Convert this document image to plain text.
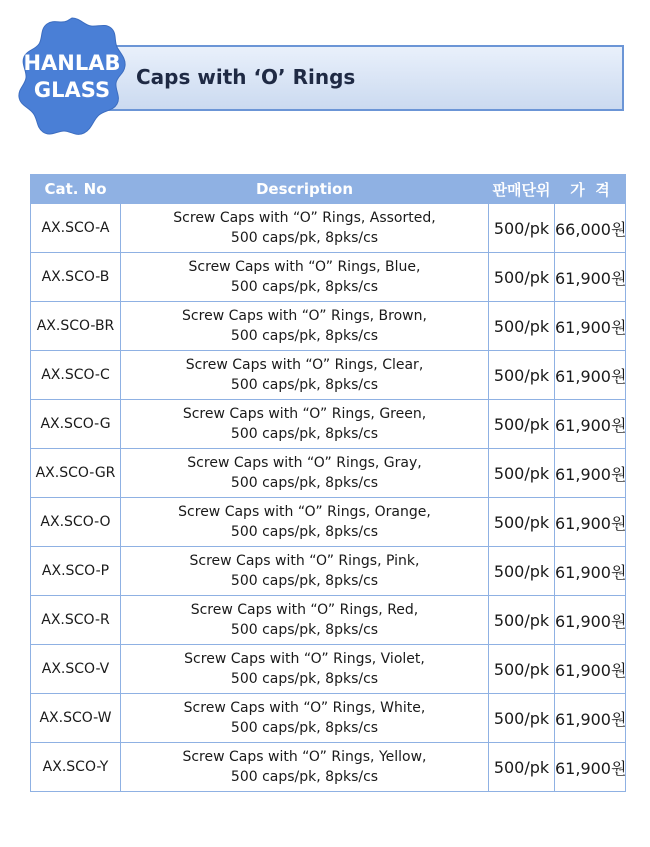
Caps with ‘O’ Rings
HANLAB
GLASS
Cat. No	Description	판매단위	가  격
AX.SCO-A	Screw Caps with “O” Rings, Assorted,
500 caps/pk, 8pks/cs	500/pk	66,000원
AX.SCO-B	Screw Caps with “O” Rings, Blue,
500 caps/pk, 8pks/cs	500/pk	61,900원
AX.SCO-BR	Screw Caps with “O” Rings, Brown,
500 caps/pk, 8pks/cs	500/pk	61,900원
AX.SCO-C	Screw Caps with “O” Rings, Clear,
500 caps/pk, 8pks/cs	500/pk	61,900원
AX.SCO-G	Screw Caps with “O” Rings, Green,
500 caps/pk, 8pks/cs	500/pk	61,900원
AX.SCO-GR	Screw Caps with “O” Rings, Gray,
500 caps/pk, 8pks/cs	500/pk	61,900원
AX.SCO-O	Screw Caps with “O” Rings, Orange,
500 caps/pk, 8pks/cs	500/pk	61,900원
AX.SCO-P	Screw Caps with “O” Rings, Pink,
500 caps/pk, 8pks/cs	500/pk	61,900원
AX.SCO-R	Screw Caps with “O” Rings, Red,
500 caps/pk, 8pks/cs	500/pk	61,900원
AX.SCO-V	Screw Caps with “O” Rings, Violet,
500 caps/pk, 8pks/cs	500/pk	61,900원
AX.SCO-W	Screw Caps with “O” Rings, White,
500 caps/pk, 8pks/cs	500/pk	61,900원
AX.SCO-Y	Screw Caps with “O” Rings, Yellow,
500 caps/pk, 8pks/cs	500/pk	61,900원
